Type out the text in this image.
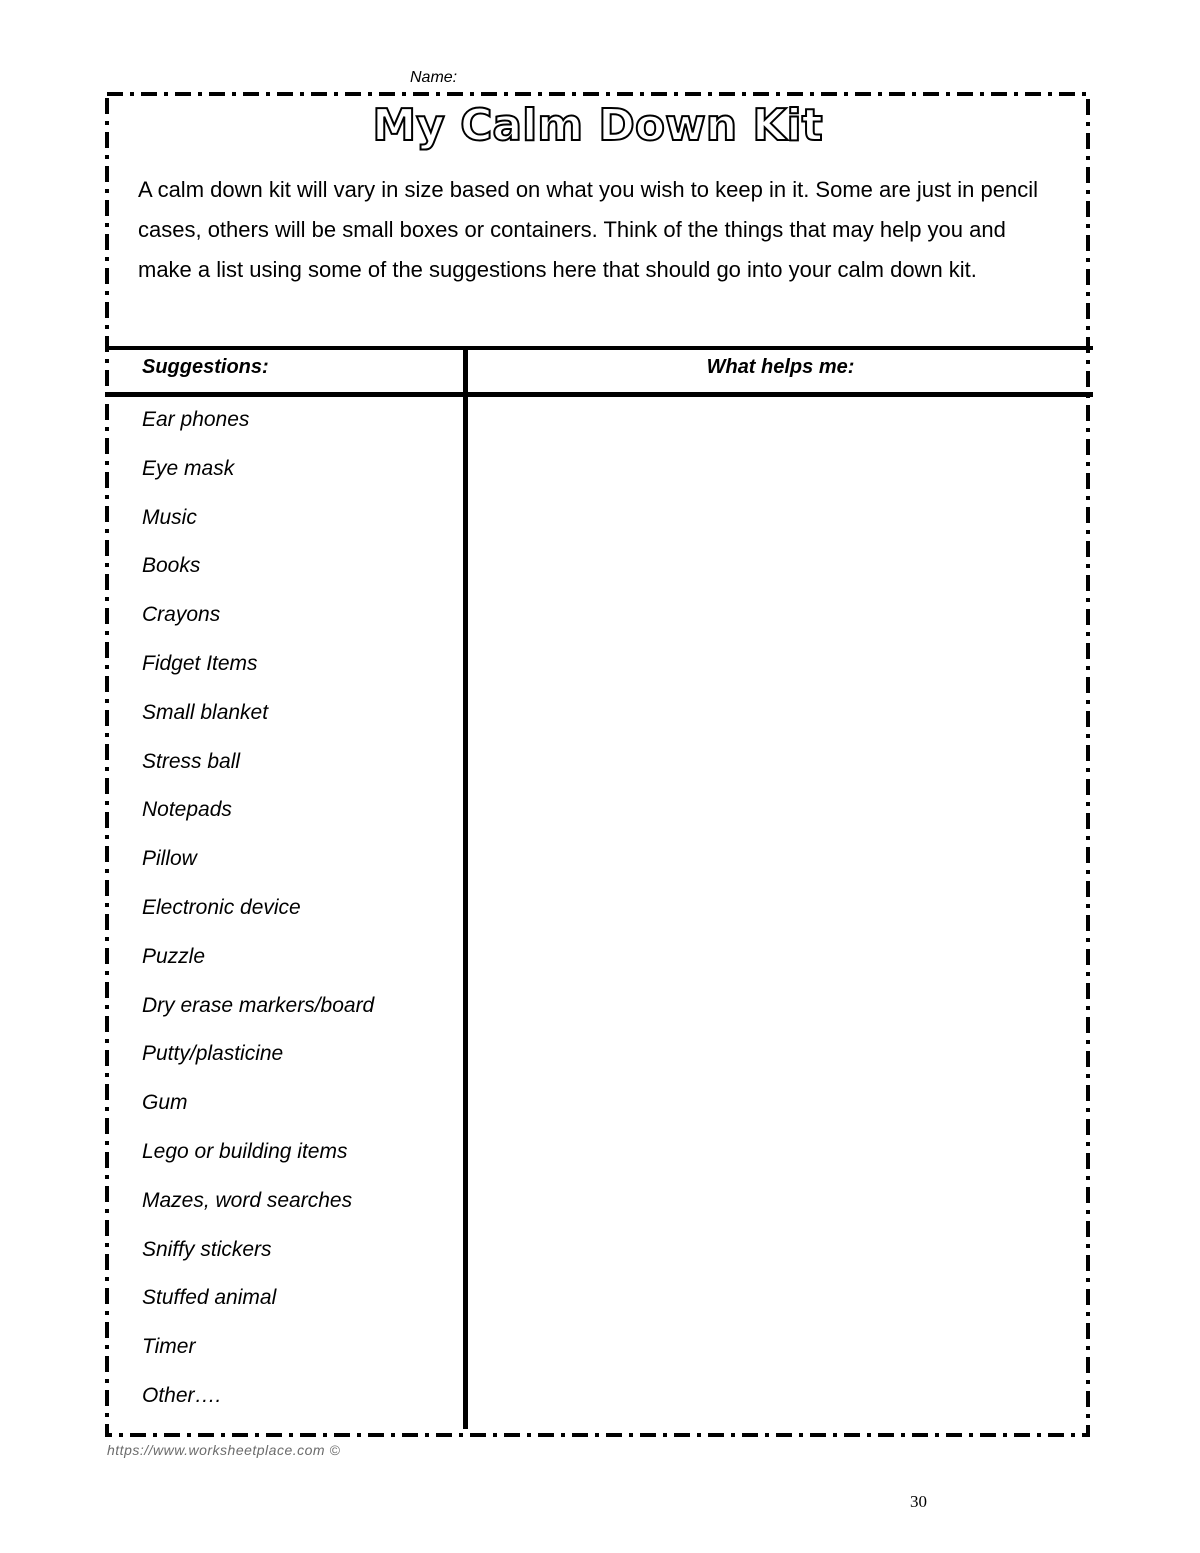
Name:
My Calm Down Kit
A calm down kit will vary in size based on what you wish to keep in it. Some are just in pencil cases, others will be small boxes or containers. Think of the things that may help you and make a list using some of the suggestions here that should go into your calm down kit.
Suggestions:	What helps me:
Ear phones
Eye mask
Music
Books
Crayons
Fidget Items
Small blanket
Stress ball
Notepads
Pillow
Electronic device
Puzzle
Dry erase markers/board
Putty/plasticine
Gum
Lego or building items
Mazes, word searches
Sniffy stickers
Stuffed animal
Timer
Other….
https://www.worksheetplace.com ©
30
